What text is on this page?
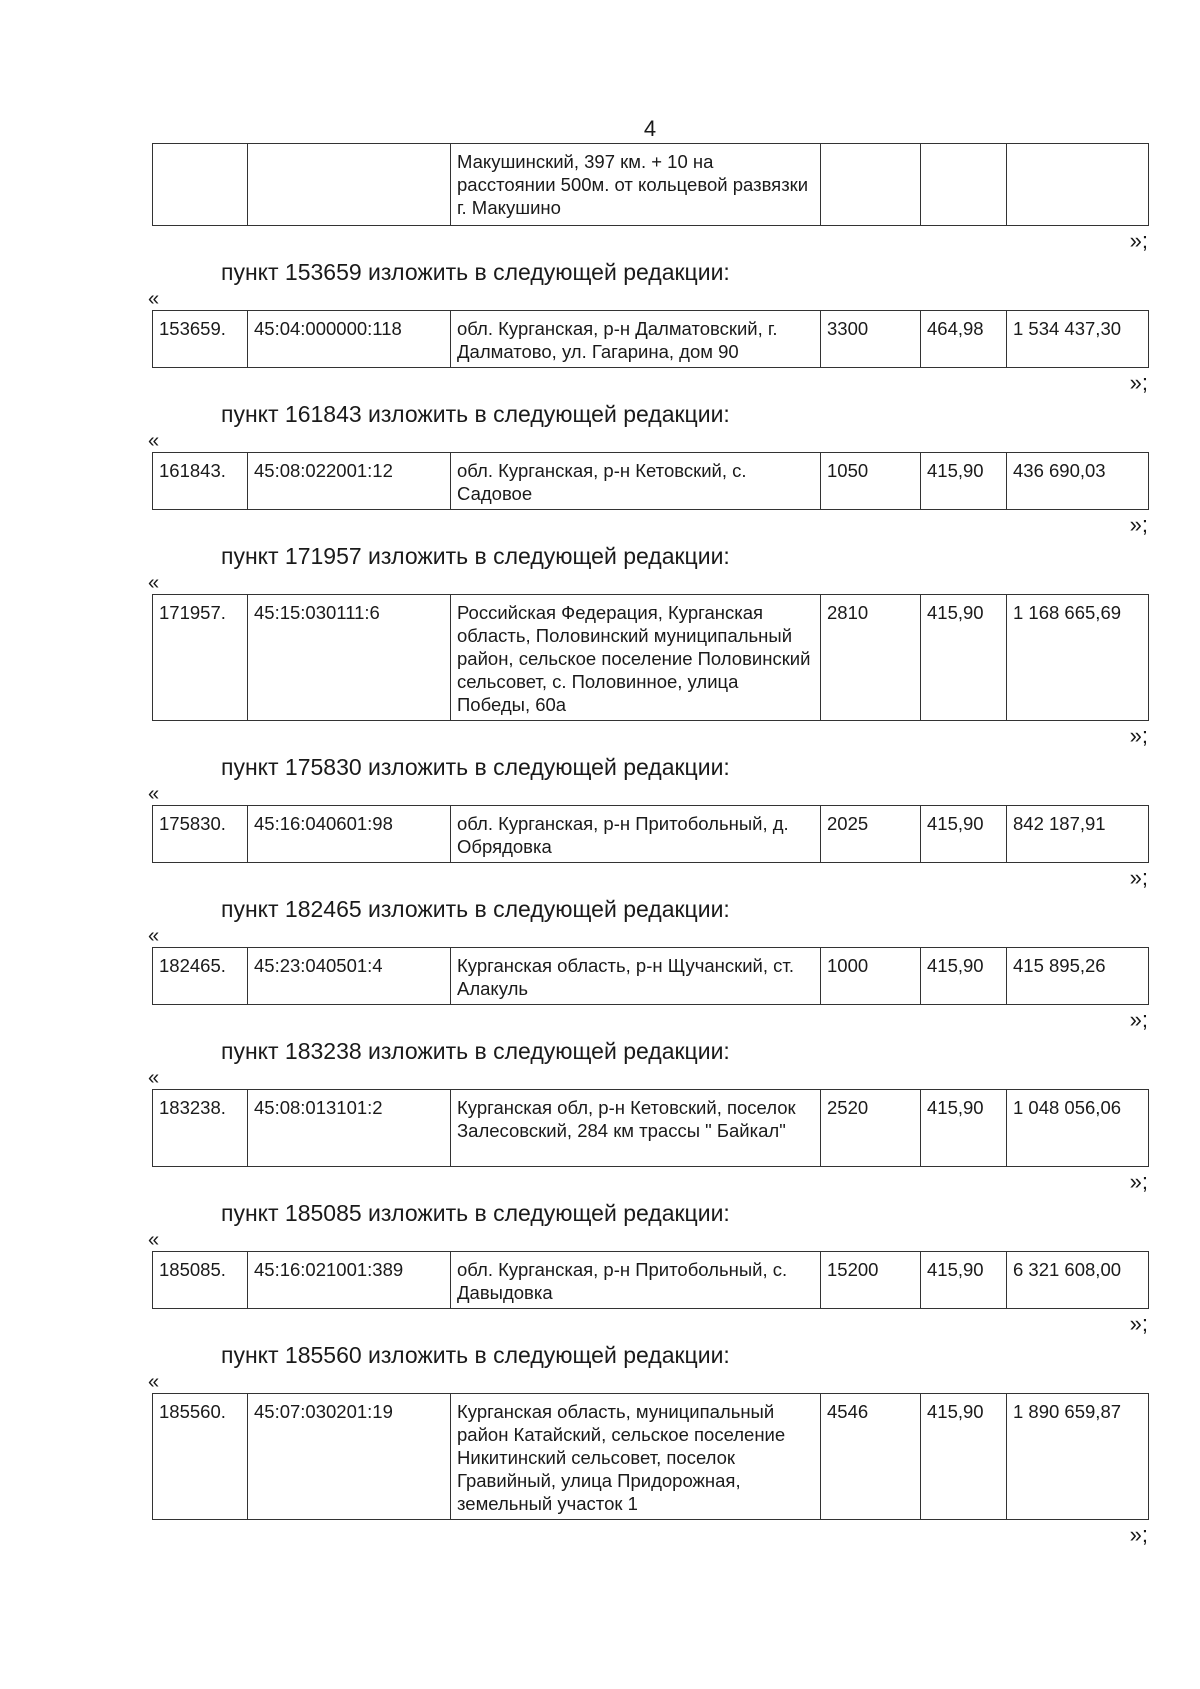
4
		Макушинский, 397 км. + 10 на расстоянии 500м. от кольцевой развязки г. Макушино			
»;
пункт 153659 изложить в следующей редакции:
«
153659.	45:04:000000:118	обл. Курганская, р-н Далматовский, г. Далматово, ул. Гагарина, дом 90	3300	464,98	1 534 437,30
»;
пункт 161843 изложить в следующей редакции:
«
161843.	45:08:022001:12	обл. Курганская, р-н Кетовский, с. Садовое	1050	415,90	436 690,03
»;
пункт 171957 изложить в следующей редакции:
«
171957.	45:15:030111:6	Российская Федерация, Курганская область, Половинский муниципальный район, сельское поселение Половинский сельсовет, с. Половинное, улица Победы, 60а	2810	415,90	1 168 665,69
»;
пункт 175830 изложить в следующей редакции:
«
175830.	45:16:040601:98	обл. Курганская, р-н Притобольный, д. Обрядовка	2025	415,90	842 187,91
»;
пункт 182465 изложить в следующей редакции:
«
182465.	45:23:040501:4	Курганская область, р-н Щучанский, ст. Алакуль	1000	415,90	415 895,26
»;
пункт 183238 изложить в следующей редакции:
«
183238.	45:08:013101:2	Курганская обл, р-н Кетовский, поселок Залесовский, 284 км трассы " Байкал"	2520	415,90	1 048 056,06
»;
пункт 185085 изложить в следующей редакции:
«
185085.	45:16:021001:389	обл. Курганская, р-н Притобольный, с. Давыдовка	15200	415,90	6 321 608,00
»;
пункт 185560 изложить в следующей редакции:
«
185560.	45:07:030201:19	Курганская область, муниципальный район Катайский, сельское поселение Никитинский сельсовет, поселок Гравийный, улица Придорожная, земельный участок 1	4546	415,90	1 890 659,87
»;
